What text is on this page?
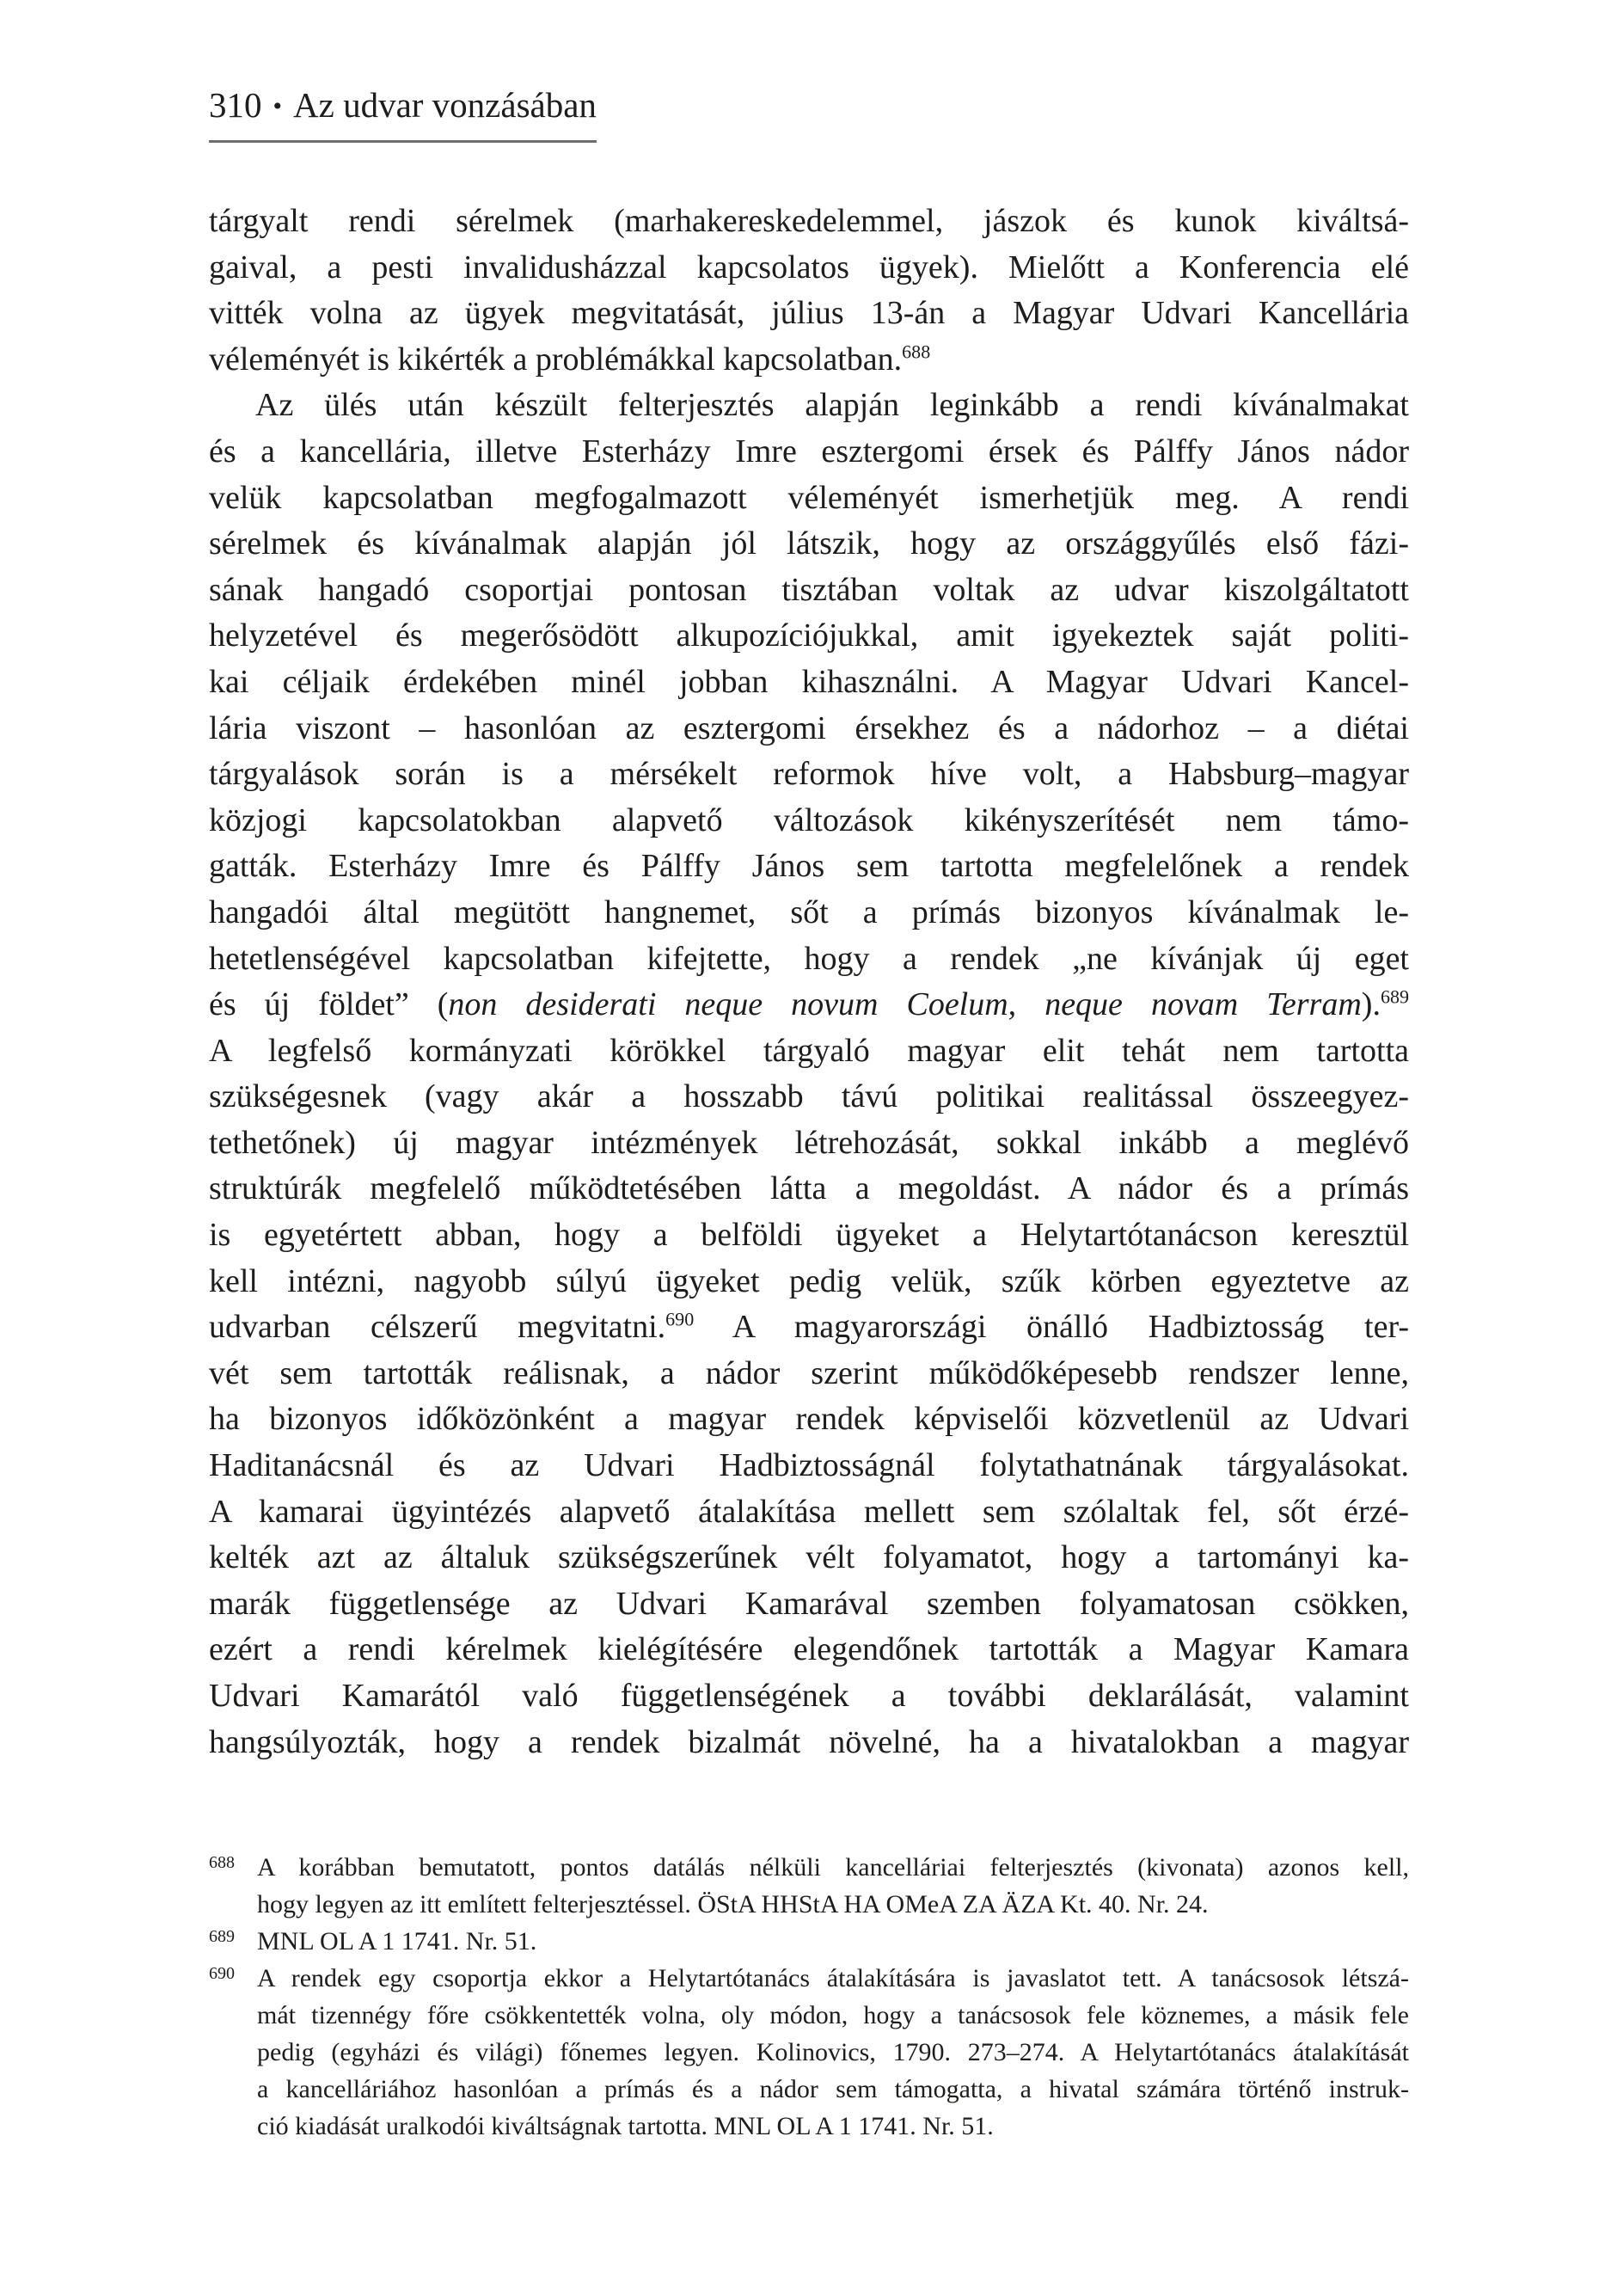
310 • Az udvar vonzásában
tárgyalt rendi sérelmek (marhakereskedelemmel, jászok és kunok kiváltsá-
gaival, a pesti invalidusházzal kapcsolatos ügyek). Mielőtt a Konferencia elé
vitték volna az ügyek megvitatását, július 13-án a Magyar Udvari Kancellária
véleményét is kikérték a problémákkal kapcsolatban.$^{688}$
Az ülés után készült felterjesztés alapján leginkább a rendi kívánalmakat
és a kancellária, illetve Esterházy Imre esztergomi érsek és Pálffy János nádor
velük kapcsolatban megfogalmazott véleményét ismerhetjük meg. A rendi
sérelmek és kívánalmak alapján jól látszik, hogy az országgyűlés első fázi-
sának hangadó csoportjai pontosan tisztában voltak az udvar kiszolgáltatott
helyzetével és megerősödött alkupozíciójukkal, amit igyekeztek saját politi-
kai céljaik érdekében minél jobban kihasználni. A Magyar Udvari Kancel-
lária viszont – hasonlóan az esztergomi érsekhez és a nádorhoz – a diétai
tárgyalások során is a mérsékelt reformok híve volt, a Habsburg–magyar
közjogi kapcsolatokban alapvető változások kikényszerítését nem támo-
gatták. Esterházy Imre és Pálffy János sem tartotta megfelelőnek a rendek
hangadói által megütött hangnemet, sőt a prímás bizonyos kívánalmak le-
hetetlenségével kapcsolatban kifejtette, hogy a rendek „ne kívánjak új eget
és új földet” (non desiderati neque novum Coelum, neque novam Terram).$^{689}$
A legfelső kormányzati körökkel tárgyaló magyar elit tehát nem tartotta
szükségesnek (vagy akár a hosszabb távú politikai realitással összeegyez-
tethetőnek) új magyar intézmények létrehozását, sokkal inkább a meglévő
struktúrák megfelelő működtetésében látta a megoldást. A nádor és a prímás
is egyetértett abban, hogy a belföldi ügyeket a Helytartótanácson keresztül
kell intézni, nagyobb súlyú ügyeket pedig velük, szűk körben egyeztetve az
udvarban célszerű megvitatni.$^{690}$ A magyarországi önálló Hadbiztosság ter-
vét sem tartották reálisnak, a nádor szerint működőképesebb rendszer lenne,
ha bizonyos időközönként a magyar rendek képviselői közvetlenül az Udvari
Haditanácsnál és az Udvari Hadbiztosságnál folytathatnának tárgyalásokat.
A kamarai ügyintézés alapvető átalakítása mellett sem szólaltak fel, sőt érzé-
kelték azt az általuk szükségszerűnek vélt folyamatot, hogy a tartományi ka-
marák függetlensége az Udvari Kamarával szemben folyamatosan csökken,
ezért a rendi kérelmek kielégítésére elegendőnek tartották a Magyar Kamara
Udvari Kamarától való függetlenségének a további deklarálását, valamint
hangsúlyozták, hogy a rendek bizalmát növelné, ha a hivatalokban a magyar
688 A korábban bemutatott, pontos datálás nélküli kancelláriai felterjesztés (kivonata) azonos kell,
hogy legyen az itt említett felterjesztéssel. ÖStA HHStA HA OMeA ZA ÄZA Kt. 40. Nr. 24.
689 MNL OL A 1 1741. Nr. 51.
690 A rendek egy csoportja ekkor a Helytartótanács átalakítására is javaslatot tett. A tanácsosok létszá-
mát tizennégy főre csökkentették volna, oly módon, hogy a tanácsosok fele köznemes, a másik fele
pedig (egyházi és világi) főnemes legyen. Kolinovics, 1790. 273–274. A Helytartótanács átalakítását
a kancelláriához hasonlóan a prímás és a nádor sem támogatta, a hivatal számára történő instruk-
ció kiadását uralkodói kiváltságnak tartotta. MNL OL A 1 1741. Nr. 51.
